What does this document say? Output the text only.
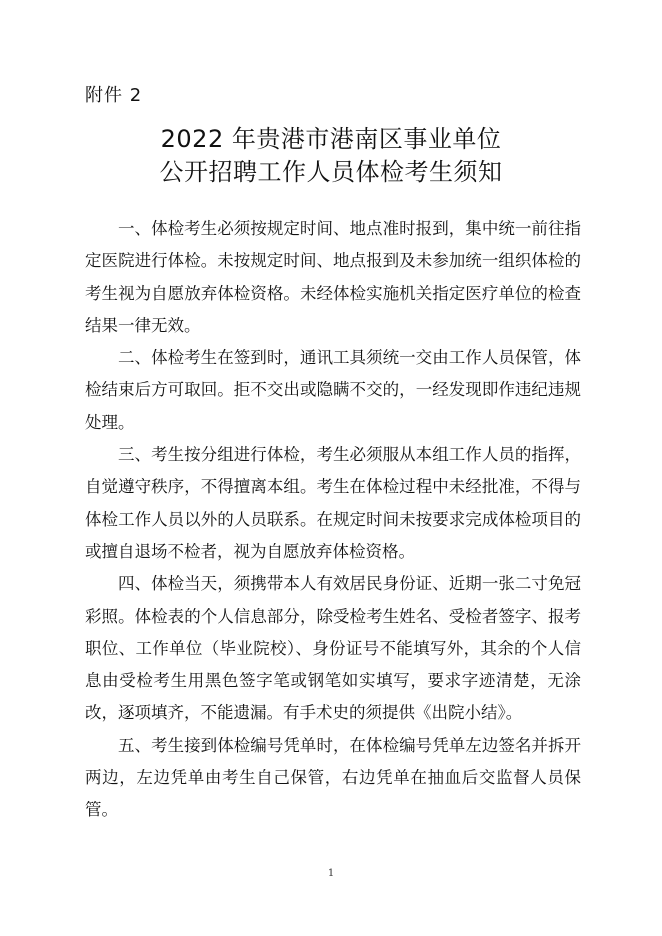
附件 2
2022 年贵港市港南区事业单位
公开招聘工作人员体检考生须知

一、体检考生必须按规定时间、地点准时报到，集中统一前往指定医院进行体检。未按规定时间、地点报到及未参加统一组织体检的考生视为自愿放弃体检资格。未经体检实施机关指定医疗单位的检查结果一律无效。

二、体检考生在签到时，通讯工具须统一交由工作人员保管，体检结束后方可取回。拒不交出或隐瞒不交的，一经发现即作违纪违规处理。

三、考生按分组进行体检，考生必须服从本组工作人员的指挥，自觉遵守秩序，不得擅离本组。考生在体检过程中未经批准，不得与体检工作人员以外的人员联系。在规定时间未按要求完成体检项目的或擅自退场不检者，视为自愿放弃体检资格。

四、体检当天，须携带本人有效居民身份证、近期一张二寸免冠彩照。体检表的个人信息部分，除受检考生姓名、受检者签字、报考职位、工作单位（毕业院校）、身份证号不能填写外，其余的个人信息由受检考生用黑色签字笔或钢笔如实填写，要求字迹清楚，无涂改，逐项填齐，不能遗漏。有手术史的须提供《出院小结》。

五、考生接到体检编号凭单时，在体检编号凭单左边签名并拆开两边，左边凭单由考生自己保管，右边凭单在抽血后交监督人员保管。

1
